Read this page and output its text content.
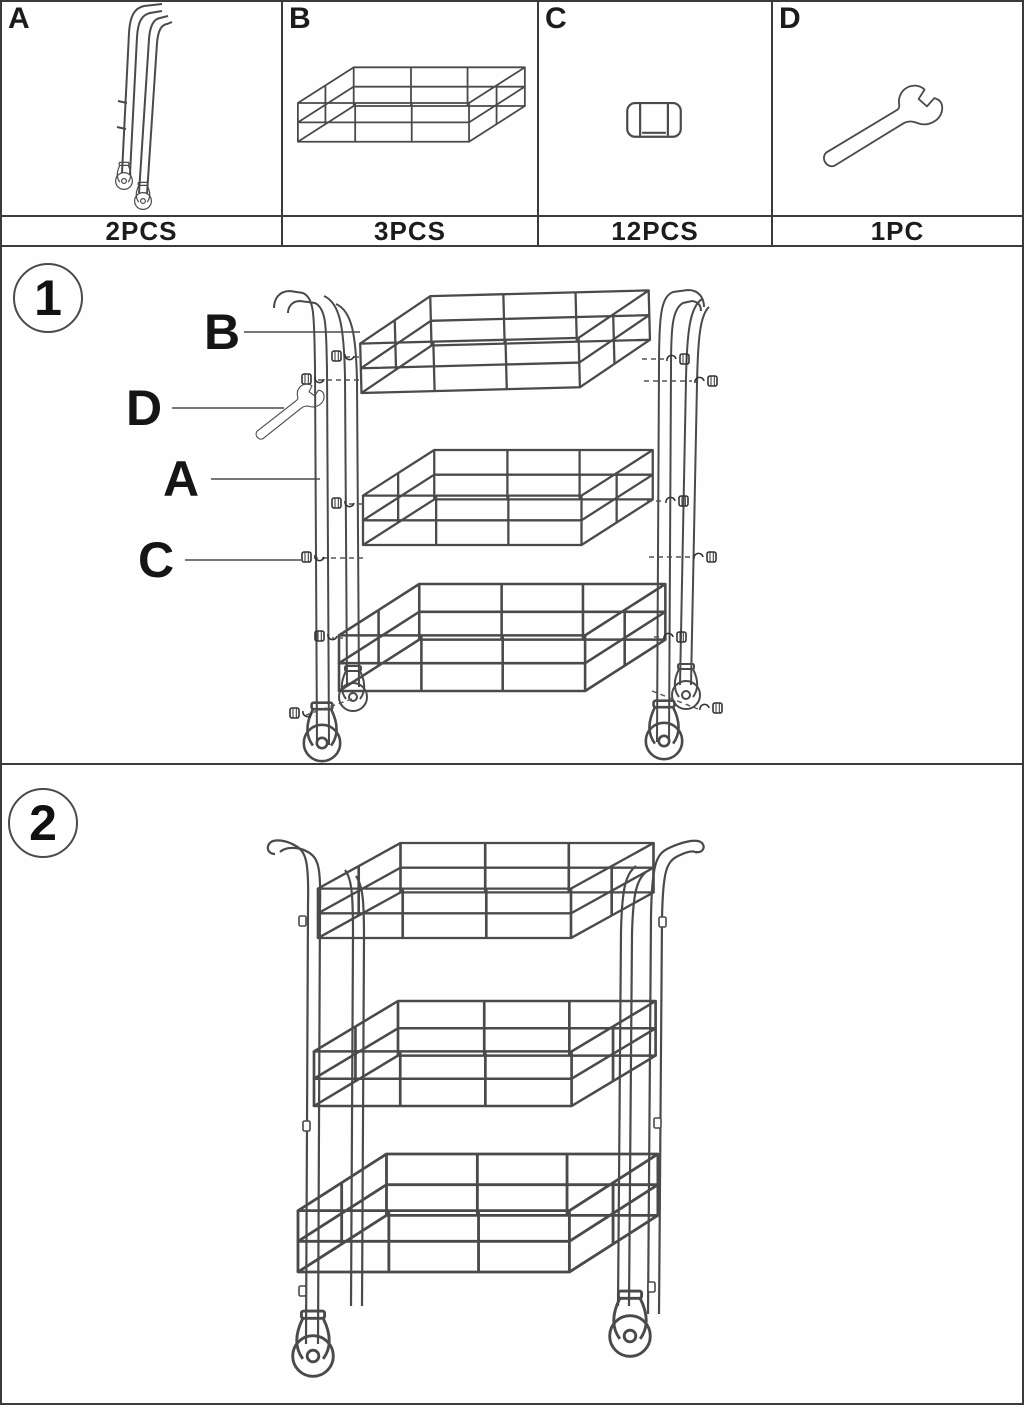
A	B	C	D
2PCS	3PCS	12PCS	1PC
1
B
D
A
C
2
